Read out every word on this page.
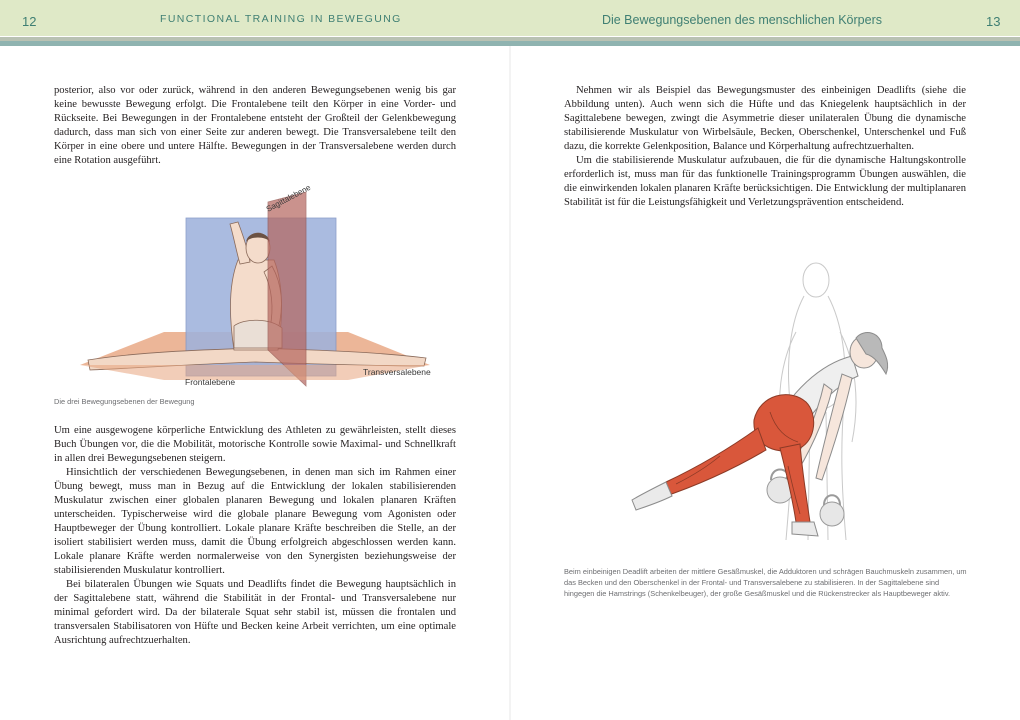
12	FUNCTIONAL TRAINING IN BEWEGUNG	Die Bewegungsebenen des menschlichen Körpers	13

posterior, also vor oder zurück, während in den anderen Bewegungsebenen wenig bis gar keine bewusste Bewegung erfolgt. Die Frontalebene teilt den Körper in eine Vorder- und Rückseite. Bei Bewegungen in der Frontalebene entsteht der Großteil der Gelenkbewegung dadurch, dass man sich von einer Seite zur anderen bewegt. Die Transversalebene teilt den Körper in eine obere und untere Hälfte. Bewegungen in der Transversalebene werden durch eine Rotation ausgeführt.

Sagittalebene
Frontalebene
Transversalebene
Die drei Bewegungsebenen der Bewegung

Um eine ausgewogene körperliche Entwicklung des Athleten zu gewährleisten, stellt dieses Buch Übungen vor, die die Mobilität, motorische Kontrolle sowie Maximal- und Schnellkraft in allen drei Bewegungsebenen steigern.

Hinsichtlich der verschiedenen Bewegungsebenen, in denen man sich im Rahmen einer Übung bewegt, muss man in Bezug auf die Entwicklung der lokalen stabilisierenden Muskulatur zwischen einer globalen planaren Bewegung und lokalen planaren Kräften unterscheiden. Typischerweise wird die globale planare Bewegung vom Agonisten oder Hauptbeweger der Übung kontrolliert. Lokale planare Kräfte beschreiben die Stelle, an der isoliert stabilisiert werden muss, damit die Übung erfolgreich abgeschlossen werden kann. Lokale planare Kräfte werden normalerweise von den Synergisten beziehungsweise der stabilisierenden Muskulatur kontrolliert.

Bei bilateralen Übungen wie Squats und Deadlifts findet die Bewegung hauptsächlich in der Sagittalebene statt, während die Stabilität in der Frontal- und Transversalebene nur minimal gefordert wird. Da der bilaterale Squat sehr stabil ist, müssen die frontalen und transversalen Stabilisatoren von Hüfte und Becken keine Arbeit verrichten, um eine optimale Ausrichtung aufrechtzuerhalten.

Nehmen wir als Beispiel das Bewegungsmuster des einbeinigen Deadlifts (siehe die Abbildung unten). Auch wenn sich die Hüfte und das Kniegelenk hauptsächlich in der Sagittalebene bewegen, zwingt die Asymmetrie dieser unilateralen Übung die dynamische stabilisierende Muskulatur von Wirbelsäule, Becken, Oberschenkel, Unterschenkel und Fuß dazu, die korrekte Gelenkposition, Balance und Körperhaltung aufrechtzuerhalten.

Um die stabilisierende Muskulatur aufzubauen, die für die dynamische Haltungskontrolle erforderlich ist, muss man für das funktionelle Trainingsprogramm Übungen auswählen, die die einwirkenden lokalen planaren Kräfte berücksichtigen. Die Entwicklung der multiplanaren Stabilität ist für die Leistungsfähigkeit und Verletzungsprävention entscheidend.

Beim einbeinigen Deadlift arbeiten der mittlere Gesäßmuskel, die Adduktoren und schrägen Bauchmuskeln zusammen, um das Becken und den Oberschenkel in der Frontal- und Transversalebene zu stabilisieren. In der Sagittalebene sind hingegen die Hamstrings (Schenkelbeuger), der große Gesäßmuskel und die Rückenstrecker als Hauptbeweger aktiv.
